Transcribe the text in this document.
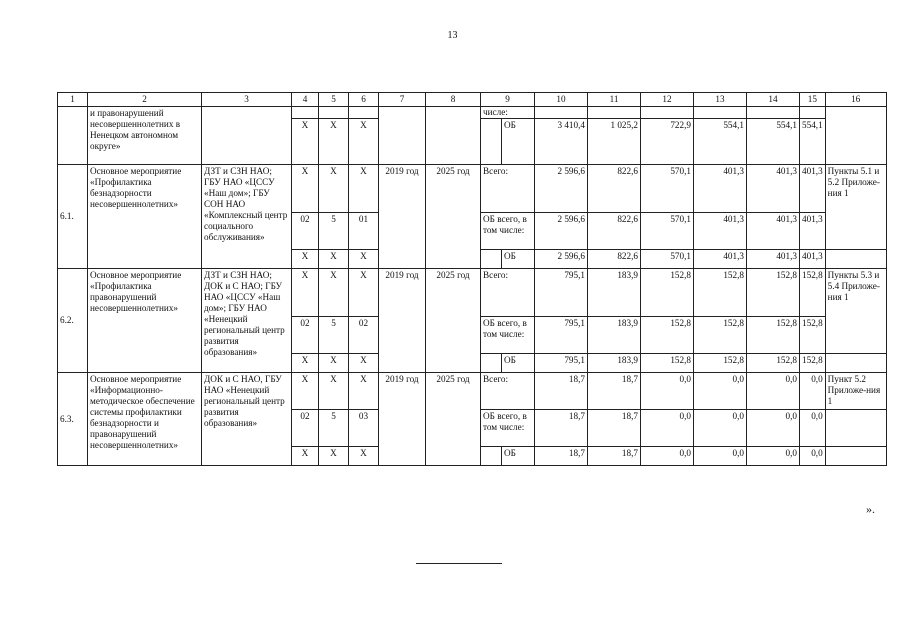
13
1	2	3	4	5	6	7	8	9		10	11	12	13	14	15	16
	и правонарушений несовершеннолетних в Ненецком автономном округе»							числе:								
			Х	Х	Х				ОБ	3 410,4	1 025,2	722,9	554,1	554,1	554,1	
6.1.	Основное мероприятие «Профилактика безнадзорности несовершеннолетних»	ДЗТ и СЗН НАО; ГБУ НАО «ЦССУ «Наш дом»; ГБУ СОН НАО «Комплексный центр социального обслуживания»	Х	Х	Х	2019 год	2025 год	Всего:		2 596,6	822,6	570,1	401,3	401,3	401,3	Пункты 5.1 и 5.2 Приложе-ния 1
			02	5	01			ОБ всего, в том числе:		2 596,6	822,6	570,1	401,3	401,3	401,3	
			Х	Х	Х				ОБ	2 596,6	822,6	570,1	401,3	401,3	401,3	
6.2.	Основное мероприятие «Профилактика правонарушений несовершеннолетних»	ДЗТ и СЗН НАО; ДОК и С НАО; ГБУ НАО «ЦССУ «Наш дом»; ГБУ НАО «Ненецкий региональный центр развития образования»	Х	Х	Х	2019 год	2025 год	Всего:		795,1	183,9	152,8	152,8	152,8	152,8	Пункты 5.3 и 5.4 Приложе-ния 1
			02	5	02			ОБ всего, в том числе:		795,1	183,9	152,8	152,8	152,8	152,8	
			Х	Х	Х				ОБ	795,1	183,9	152,8	152,8	152,8	152,8	
6.3.	Основное мероприятие «Информационно-методическое обеспечение системы профилактики безнадзорности и правонарушений несовершеннолетних»	ДОК и С НАО, ГБУ НАО «Ненецкий региональный центр развития образования»	Х	Х	Х	2019 год	2025 год	Всего:		18,7	18,7	0,0	0,0	0,0	0,0	Пункт 5.2 Приложе-ния 1
			02	5	03			ОБ всего, в том числе:		18,7	18,7	0,0	0,0	0,0	0,0	
			Х	Х	Х				ОБ	18,7	18,7	0,0	0,0	0,0	0,0	
».
